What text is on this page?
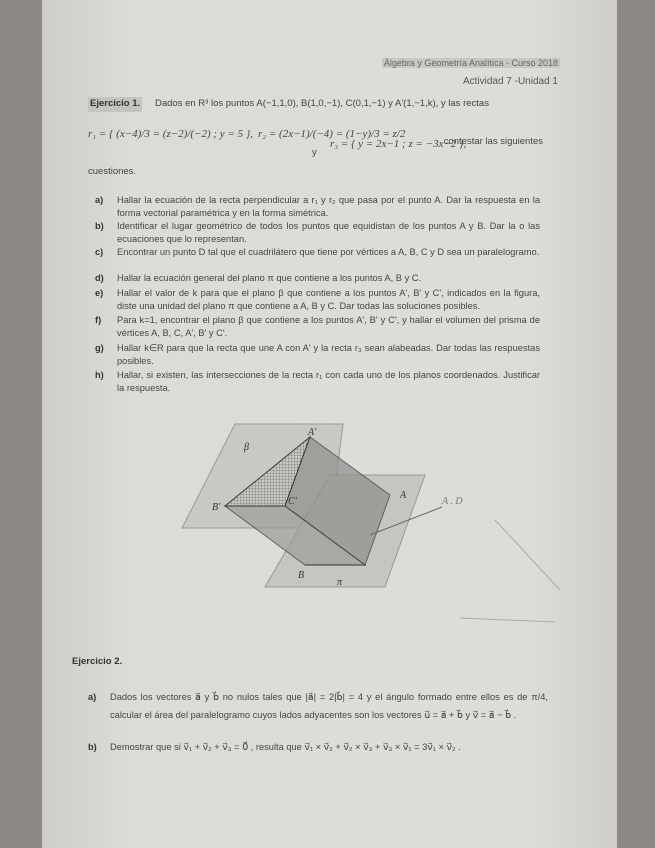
Álgebra y Geometría Analítica - Curso 2018
Actividad 7 -Unidad 1
Ejercicio 1. Dados en R³ los puntos A(−1,1,0), B(1,0,−1), C(0,1,−1) y A'(1,−1,k), y las rectas
r₁ = { (x−4)/3 = (z−2)/(−2) ; y = 5 }, r₂ = (2x−1)/(−4) = (1−y)/3 = z/2
y
r₃ = { y = 2x−1 ; z = −3x−2 },
contestar las siguientes
cuestiones.
a) Hallar la ecuación de la recta perpendicular a r₁ y r₂ que pasa por el punto A. Dar la respuesta en la forma vectorial paramétrica y en la forma simétrica.
b) Identificar el lugar geométrico de todos los puntos que equidistan de los puntos A y B. Dar la o las ecuaciones que lo representan.
c) Encontrar un punto D tal que el cuadrilátero que tiene por vértices a A, B, C y D sea un paralelogramo.
d) Hallar la ecuación general del plano π que contiene a los puntos A, B y C.
e) Hallar el valor de k para que el plano β que contiene a los puntos A', B' y C', indicados en la figura, diste una unidad del plano π que contiene a A, B y C. Dar todas las soluciones posibles.
f) Para k=1, encontrar el plano β que contiene a los puntos A', B' y C', y hallar el volumen del prisma de vértices A, B, C, A', B' y C'.
g) Hallar k∈R para que la recta que une A con A' y la recta r₃ sean alabeadas. Dar todas las respuestas posibles.
h) Hallar, si existen, las intersecciones de la recta r₁ con cada uno de los planos coordenados. Justificar la respuesta.
β
A'
B'
C'
A
B
π
A . D
Ejercicio 2.
a) Dados los vectores a⃗ y b⃗ no nulos tales que |a⃗| = 2|b⃗| = 4 y el ángulo formado entre ellos es de π/4, calcular el área del paralelogramo cuyos lados adyacentes son los vectores u⃗ = a⃗ + b⃗ y v⃗ = a⃗ − b⃗ .
b) Demostrar que si v⃗₁ + v⃗₂ + v⃗₃ = 0⃗ , resulta que v⃗₁ × v⃗₂ + v⃗₂ × v⃗₃ + v⃗₃ × v⃗₁ = 3v⃗₁ × v⃗₂ .
